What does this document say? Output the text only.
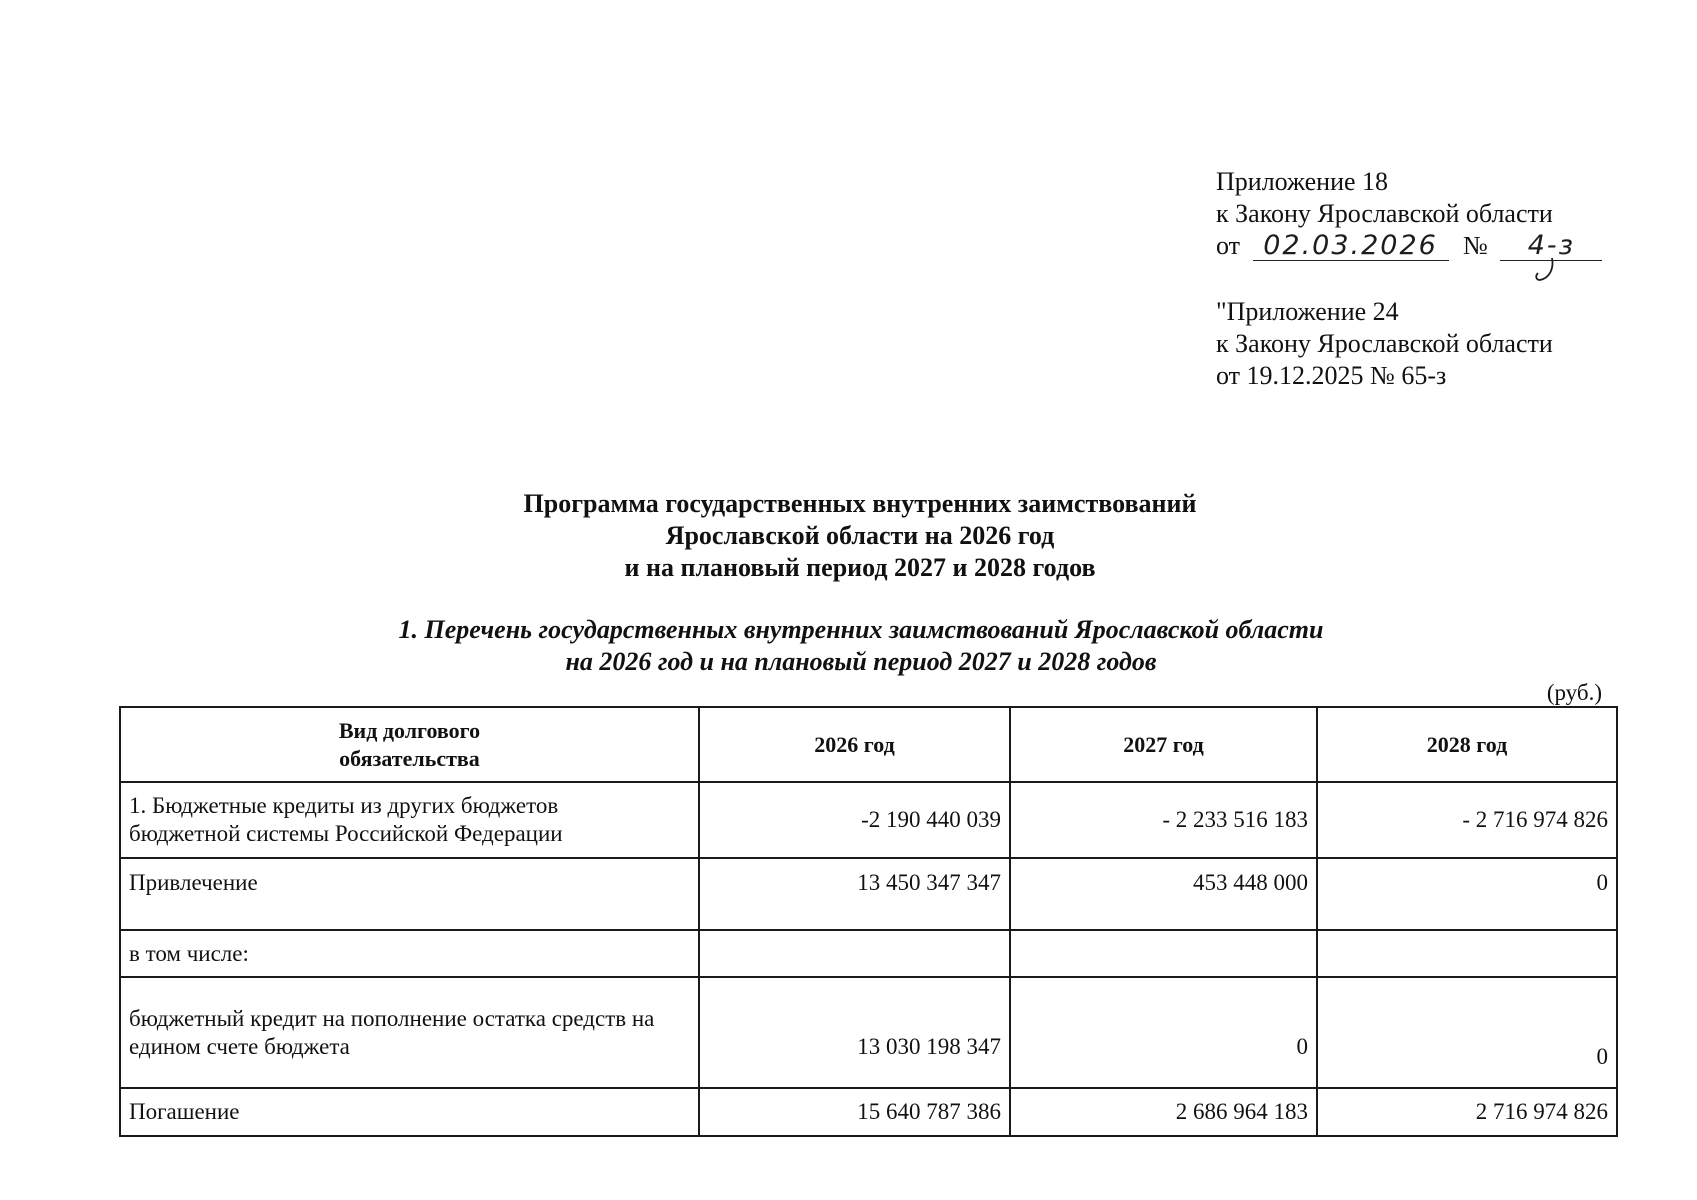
Приложение 18
к Закону Ярославской области
от 02.03.2026 № 4-з
"Приложение 24
к Закону Ярославской области
от 19.12.2025 № 65-з
Программа государственных внутренних заимствований
Ярославской области на 2026 год
и на плановый период 2027 и 2028 годов
1. Перечень государственных внутренних заимствований Ярославской области
на 2026 год и на плановый период 2027 и 2028 годов
(руб.)
Вид долгового
обязательства	2026 год	2027 год	2028 год

1. Бюджетные кредиты из других бюджетов
бюджетной системы Российской Федерации	-2 190 440 039	- 2 233 516 183	- 2 716 974 826
Привлечение	13 450 347 347	453 448 000	0
в том числе:			

бюджетный кредит на пополнение остатка средств на
едином счете бюджета	13 030 198 347	0	0
Погашение	15 640 787 386	2 686 964 183	2 716 974 826
